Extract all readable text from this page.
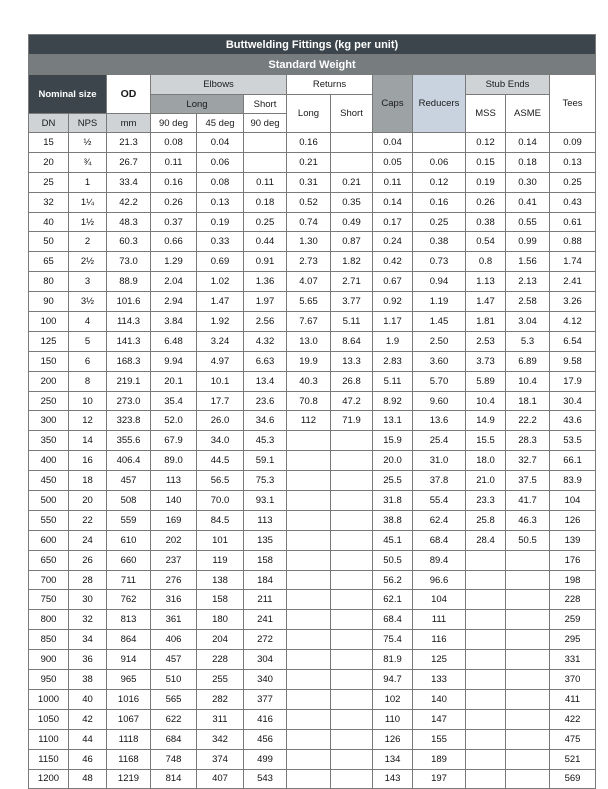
Buttwelding Fittings (kg per unit)												
Standard Weight												
Nominal size		OD	Elbows			Returns		Caps	Reducers	Stub Ends		Tees
			Long		Short	Long	Short			MSS	ASME	
DN	NPS	mm	90 deg	45 deg	90 deg							
15	½	21.3	0.08	0.04		0.16		0.04		0.12	0.14	0.09
20	¾	26.7	0.11	0.06		0.21		0.05	0.06	0.15	0.18	0.13
25	1	33.4	0.16	0.08	0.11	0.31	0.21	0.11	0.12	0.19	0.30	0.25
32	1¼	42.2	0.26	0.13	0.18	0.52	0.35	0.14	0.16	0.26	0.41	0.43
40	1½	48.3	0.37	0.19	0.25	0.74	0.49	0.17	0.25	0.38	0.55	0.61
50	2	60.3	0.66	0.33	0.44	1.30	0.87	0.24	0.38	0.54	0.99	0.88
65	2½	73.0	1.29	0.69	0.91	2.73	1.82	0.42	0.73	0.8	1.56	1.74
80	3	88.9	2.04	1.02	1.36	4.07	2.71	0.67	0.94	1.13	2.13	2.41
90	3½	101.6	2.94	1.47	1.97	5.65	3.77	0.92	1.19	1.47	2.58	3.26
100	4	114.3	3.84	1.92	2.56	7.67	5.11	1.17	1.45	1.81	3.04	4.12
125	5	141.3	6.48	3.24	4.32	13.0	8.64	1.9	2.50	2.53	5.3	6.54
150	6	168.3	9.94	4.97	6.63	19.9	13.3	2.83	3.60	3.73	6.89	9.58
200	8	219.1	20.1	10.1	13.4	40.3	26.8	5.11	5.70	5.89	10.4	17.9
250	10	273.0	35.4	17.7	23.6	70.8	47.2	8.92	9.60	10.4	18.1	30.4
300	12	323.8	52.0	26.0	34.6	112	71.9	13.1	13.6	14.9	22.2	43.6
350	14	355.6	67.9	34.0	45.3			15.9	25.4	15.5	28.3	53.5
400	16	406.4	89.0	44.5	59.1			20.0	31.0	18.0	32.7	66.1
450	18	457	113	56.5	75.3			25.5	37.8	21.0	37.5	83.9
500	20	508	140	70.0	93.1			31.8	55.4	23.3	41.7	104
550	22	559	169	84.5	113			38.8	62.4	25.8	46.3	126
600	24	610	202	101	135			45.1	68.4	28.4	50.5	139
650	26	660	237	119	158			50.5	89.4			176
700	28	711	276	138	184			56.2	96.6			198
750	30	762	316	158	211			62.1	104			228
800	32	813	361	180	241			68.4	111			259
850	34	864	406	204	272			75.4	116			295
900	36	914	457	228	304			81.9	125			331
950	38	965	510	255	340			94.7	133			370
1000	40	1016	565	282	377			102	140			411
1050	42	1067	622	311	416			110	147			422
1100	44	1118	684	342	456			126	155			475
1150	46	1168	748	374	499			134	189			521
1200	48	1219	814	407	543			143	197			569
